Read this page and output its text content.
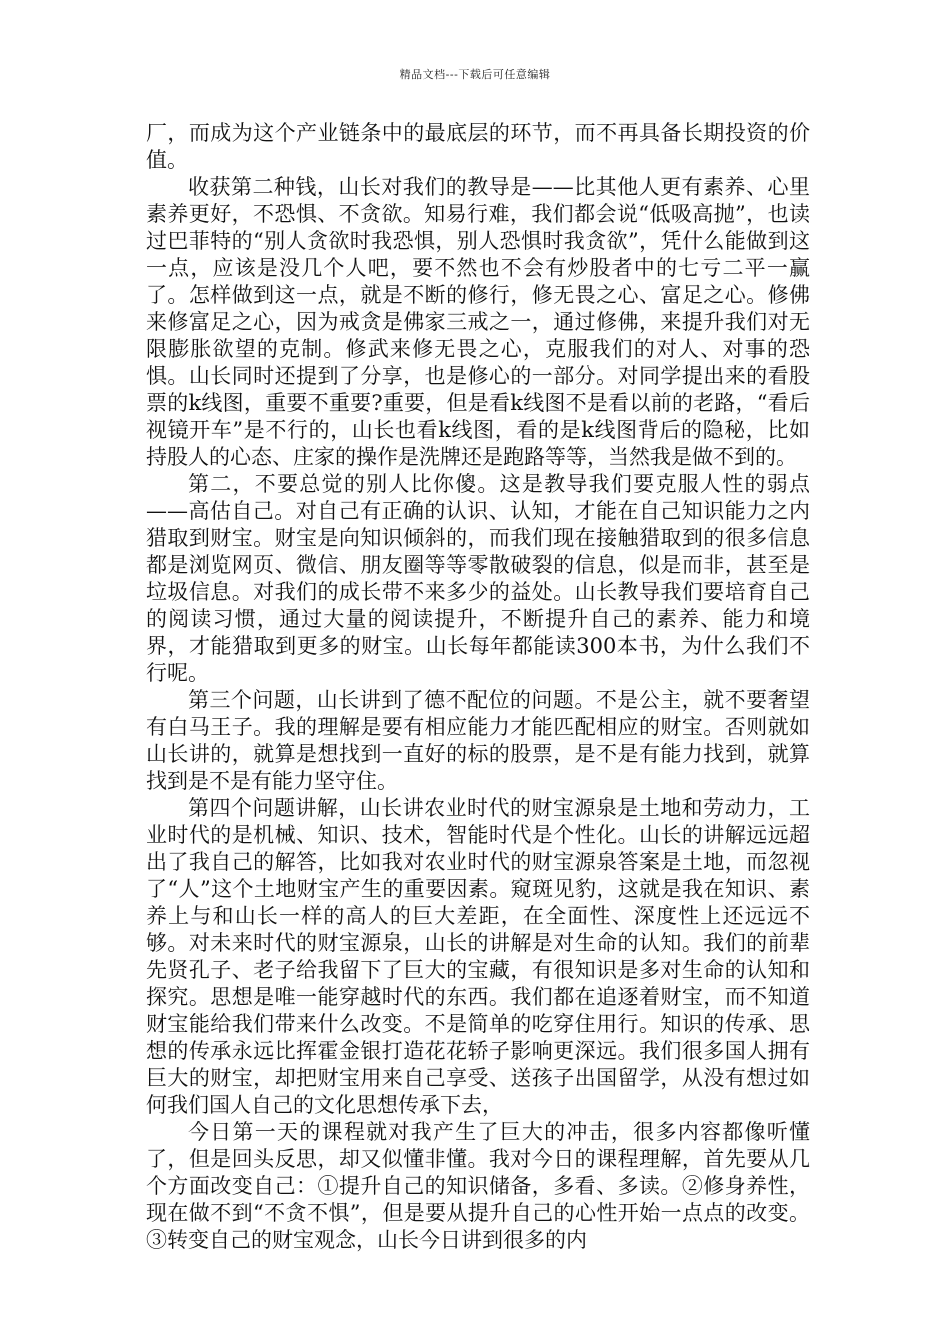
精品文档---下载后可任意编辑

厂，而成为这个产业链条中的最底层的环节，而不再具备长期投资的价值。

收获第二种钱，山长对我们的教导是——比其他人更有素养、心里素养更好，不恐惧、不贪欲。知易行难，我们都会说“低吸高抛”，也读过巴菲特的“别人贪欲时我恐惧，别人恐惧时我贪欲”，凭什么能做到这一点，应该是没几个人吧，要不然也不会有炒股者中的七亏二平一赢了。怎样做到这一点，就是不断的修行，修无畏之心、富足之心。修佛来修富足之心，因为戒贪是佛家三戒之一，通过修佛，来提升我们对无限膨胀欲望的克制。修武来修无畏之心，克服我们的对人、对事的恐惧。山长同时还提到了分享，也是修心的一部分。对同学提出来的看股票的k线图，重要不重要?重要，但是看k线图不是看以前的老路，“看后视镜开车”是不行的，山长也看k线图，看的是k线图背后的隐秘，比如持股人的心态、庄家的操作是洗牌还是跑路等等，当然我是做不到的。

第二，不要总觉的别人比你傻。这是教导我们要克服人性的弱点——高估自己。对自己有正确的认识、认知，才能在自己知识能力之内猎取到财宝。财宝是向知识倾斜的，而我们现在接触猎取到的很多信息都是浏览网页、微信、朋友圈等等零散破裂的信息，似是而非，甚至是垃圾信息。对我们的成长带不来多少的益处。山长教导我们要培育自己的阅读习惯，通过大量的阅读提升，不断提升自己的素养、能力和境界，才能猎取到更多的财宝。山长每年都能读300本书，为什么我们不行呢。

第三个问题，山长讲到了德不配位的问题。不是公主，就不要奢望有白马王子。我的理解是要有相应能力才能匹配相应的财宝。否则就如山长讲的，就算是想找到一直好的标的股票，是不是有能力找到，就算找到是不是有能力坚守住。

第四个问题讲解，山长讲农业时代的财宝源泉是土地和劳动力，工业时代的是机械、知识、技术，智能时代是个性化。山长的讲解远远超出了我自己的解答，比如我对农业时代的财宝源泉答案是土地，而忽视了“人”这个土地财宝产生的重要因素。窥斑见豹，这就是我在知识、素养上与和山长一样的高人的巨大差距，在全面性、深度性上还远远不够。对未来时代的财宝源泉，山长的讲解是对生命的认知。我们的前辈先贤孔子、老子给我留下了巨大的宝藏，有很知识是多对生命的认知和探究。思想是唯一能穿越时代的东西。我们都在追逐着财宝，而不知道财宝能给我们带来什么改变。不是简单的吃穿住用行。知识的传承、思想的传承永远比挥霍金银打造花花轿子影响更深远。我们很多国人拥有巨大的财宝，却把财宝用来自己享受、送孩子出国留学，从没有想过如何我们国人自己的文化思想传承下去，

今日第一天的课程就对我产生了巨大的冲击，很多内容都像听懂了，但是回头反思，却又似懂非懂。我对今日的课程理解，首先要从几个方面改变自己：①提升自己的知识储备，多看、多读。②修身养性，现在做不到“不贪不惧”，但是要从提升自己的心性开始一点点的改变。③转变自己的财宝观念，山长今日讲到很多的内
